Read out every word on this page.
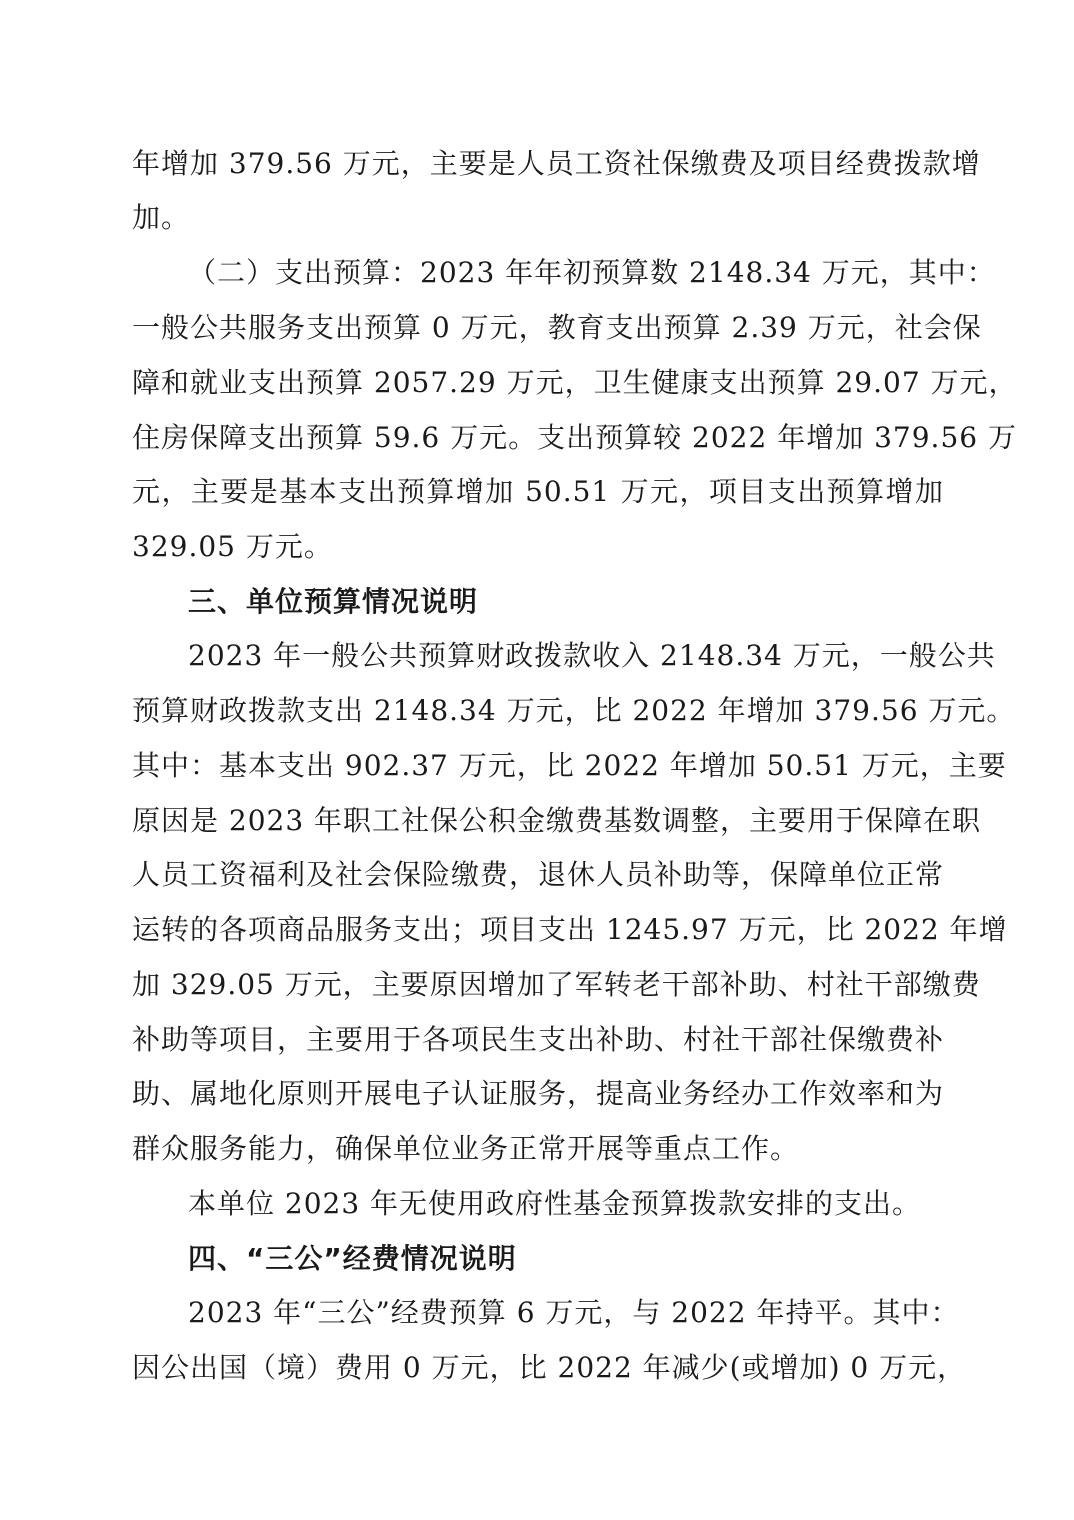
年增加 379.56 万元，主要是人员工资社保缴费及项目经费拨款增
加。
（二）支出预算：2023 年年初预算数 2148.34 万元，其中：
一般公共服务支出预算 0 万元，教育支出预算 2.39 万元，社会保
障和就业支出预算 2057.29 万元，卫生健康支出预算 29.07 万元，
住房保障支出预算 59.6 万元。支出预算较 2022 年增加 379.56 万
元，主要是基本支出预算增加 50.51 万元，项目支出预算增加
329.05 万元。
三、单位预算情况说明
2023 年一般公共预算财政拨款收入 2148.34 万元，一般公共
预算财政拨款支出 2148.34 万元，比 2022 年增加 379.56 万元。
其中：基本支出 902.37 万元，比 2022 年增加 50.51 万元，主要
原因是 2023 年职工社保公积金缴费基数调整，主要用于保障在职
人员工资福利及社会保险缴费，退休人员补助等，保障单位正常
运转的各项商品服务支出；项目支出 1245.97 万元，比 2022 年增
加 329.05 万元，主要原因增加了军转老干部补助、村社干部缴费
补助等项目，主要用于各项民生支出补助、村社干部社保缴费补
助、属地化原则开展电子认证服务，提高业务经办工作效率和为
群众服务能力，确保单位业务正常开展等重点工作。
本单位 2023 年无使用政府性基金预算拨款安排的支出。
四、“三公”经费情况说明
2023 年“三公”经费预算 6 万元，与 2022 年持平。其中：
因公出国（境）费用 0 万元，比 2022 年减少(或增加) 0 万元，
